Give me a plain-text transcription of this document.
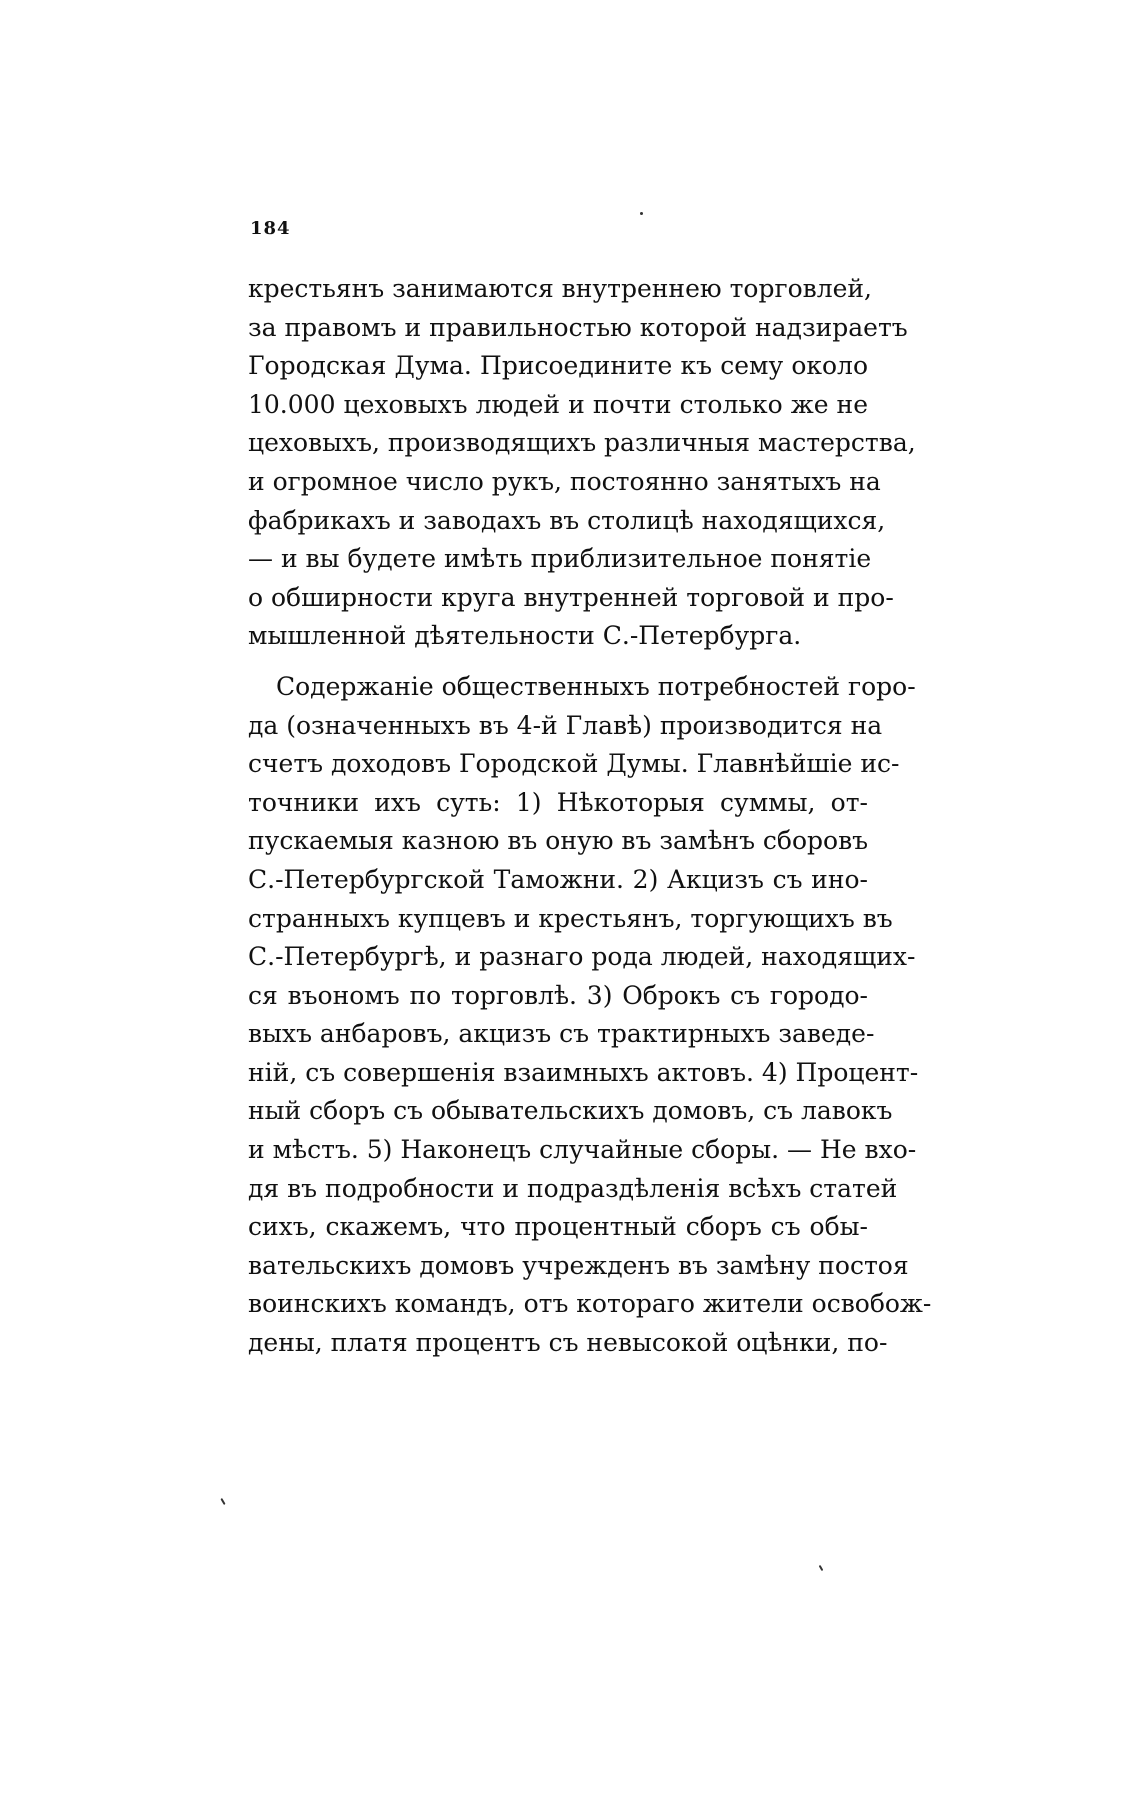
184

крестьянъ занимаются внутреннею торговлей,
за правомъ и правильностью которой надзираетъ
Городская Дума. Присоедините къ сему около
10.000 цеховыхъ людей и почти столько же не
цеховыхъ, производящихъ различныя мастерства,
и огромное число рукъ, постоянно занятыхъ на
фабрикахъ и заводахъ въ столицѣ находящихся,
— и вы будете имѣть приблизительное понятіе
о обширности круга внутренней торговой и про-
мышленной дѣятельности С.-Петербурга.

Содержаніе общественныхъ потребностей горо-
да (означенныхъ въ 4-й Главѣ) производится на
счетъ доходовъ Городской Думы. Главнѣйшіе ис-
точники ихъ суть: 1) Нѣкоторыя суммы, от-
пускаемыя казною въ оную въ замѣнъ сборовъ
С.-Петербургской Таможни. 2) Акцизъ съ ино-
странныхъ купцевъ и крестьянъ, торгующихъ въ
С.-Петербургѣ, и разнаго рода людей, находящих-
ся въономъ по торговлѣ. 3) Оброкъ съ городо-
выхъ анбаровъ, акцизъ съ трактирныхъ заведе-
ній, съ совершенія взаимныхъ актовъ. 4) Процент-
ный сборъ съ обывательскихъ домовъ, съ лавокъ
и мѣстъ. 5) Наконецъ случайные сборы. — Не вхо-
дя въ подробности и подраздѣленія всѣхъ статей
сихъ, скажемъ, что процентный сборъ съ обы-
вательскихъ домовъ учрежденъ въ замѣну постоя
воинскихъ командъ, отъ котораго жители освобож-
дены, платя процентъ съ невысокой оцѣнки, по-
